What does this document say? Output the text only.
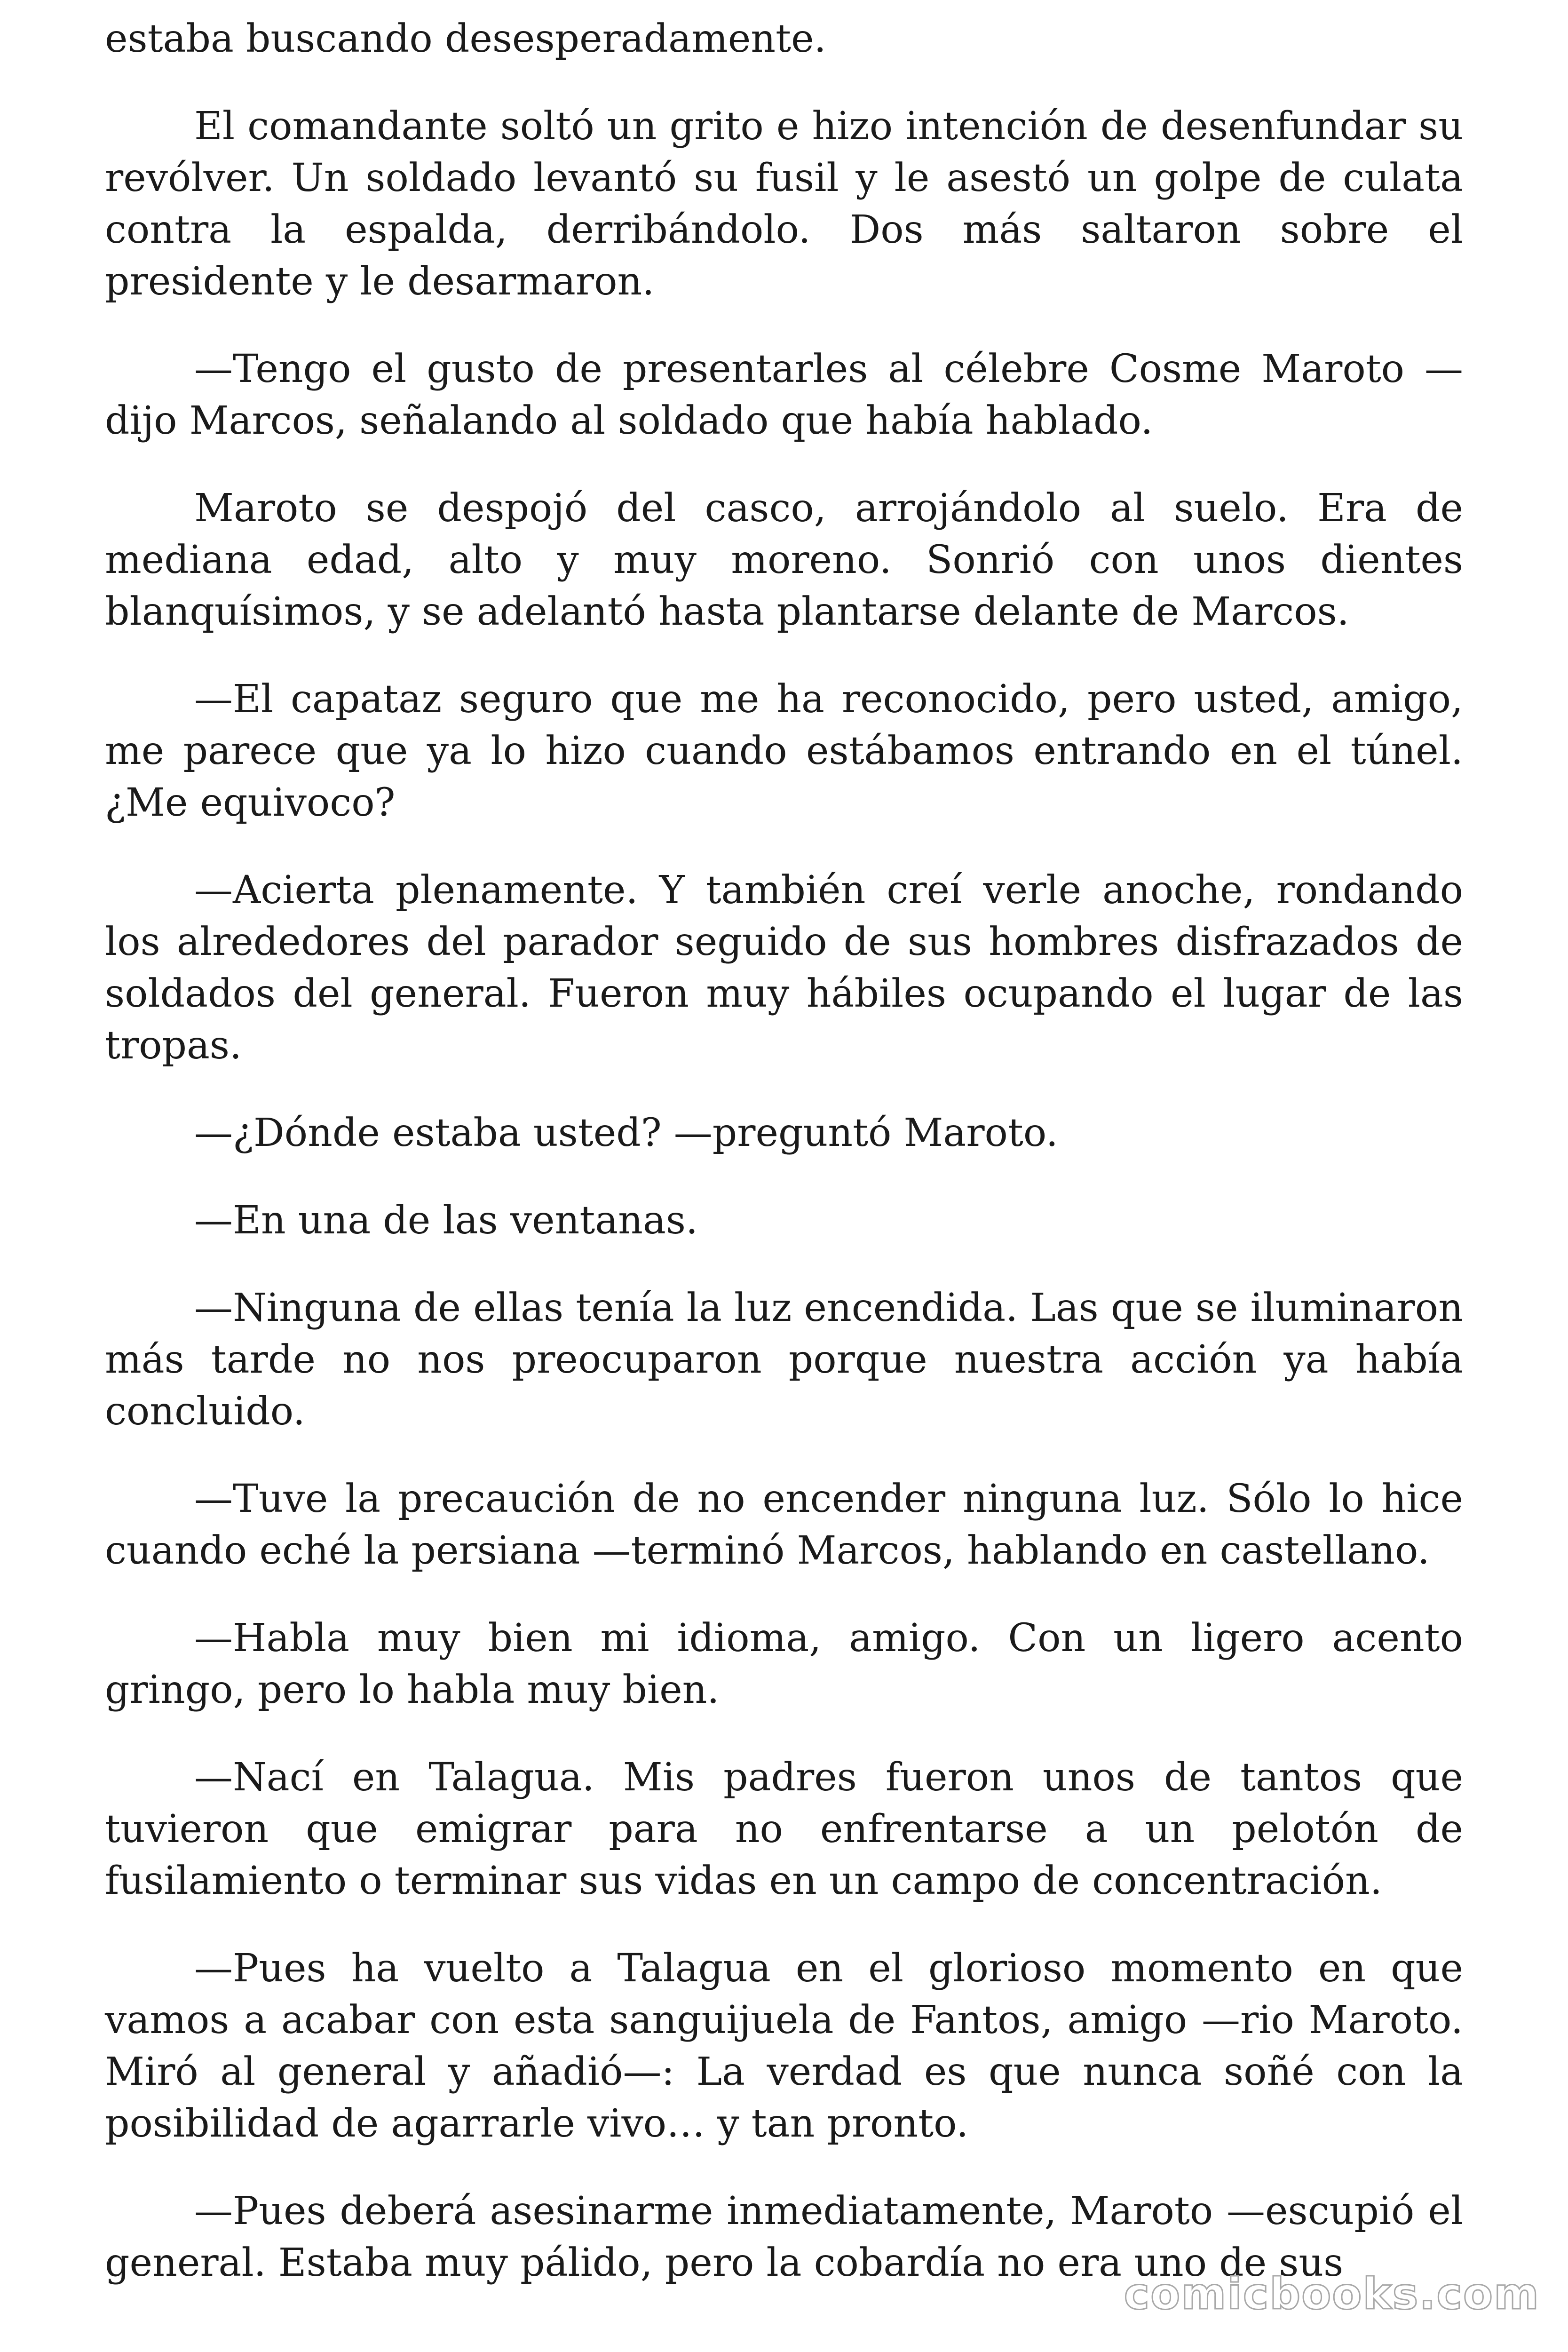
estaba buscando desesperadamente.

El comandante soltó un grito e hizo intención de desenfundar su revólver. Un soldado levantó su fusil y le asestó un golpe de culata contra la espalda, derribándolo. Dos más saltaron sobre el presidente y le desarmaron.

—Tengo el gusto de presentarles al célebre Cosme Maroto —dijo Marcos, señalando al soldado que había hablado.

Maroto se despojó del casco, arrojándolo al suelo. Era de mediana edad, alto y muy moreno. Sonrió con unos dientes blanquísimos, y se adelantó hasta plantarse delante de Marcos.

—El capataz seguro que me ha reconocido, pero usted, amigo, me parece que ya lo hizo cuando estábamos entrando en el túnel. ¿Me equivoco?

—Acierta plenamente. Y también creí verle anoche, rondando los alrededores del parador seguido de sus hombres disfrazados de soldados del general. Fueron muy hábiles ocupando el lugar de las tropas.

—¿Dónde estaba usted? —preguntó Maroto.

—En una de las ventanas.

—Ninguna de ellas tenía la luz encendida. Las que se iluminaron más tarde no nos preocuparon porque nuestra acción ya había concluido.

—Tuve la precaución de no encender ninguna luz. Sólo lo hice cuando eché la persiana —terminó Marcos, hablando en castellano.

—Habla muy bien mi idioma, amigo. Con un ligero acento gringo, pero lo habla muy bien.

—Nací en Talagua. Mis padres fueron unos de tantos que tuvieron que emigrar para no enfrentarse a un pelotón de fusilamiento o terminar sus vidas en un campo de concentración.

—Pues ha vuelto a Talagua en el glorioso momento en que vamos a acabar con esta sanguijuela de Fantos, amigo —rio Maroto. Miró al general y añadió—: La verdad es que nunca soñé con la posibilidad de agarrarle vivo… y tan pronto.

—Pues deberá asesinarme inmediatamente, Maroto —escupió el general. Estaba muy pálido, pero la cobardía no era uno de sus

comicbooks.com
